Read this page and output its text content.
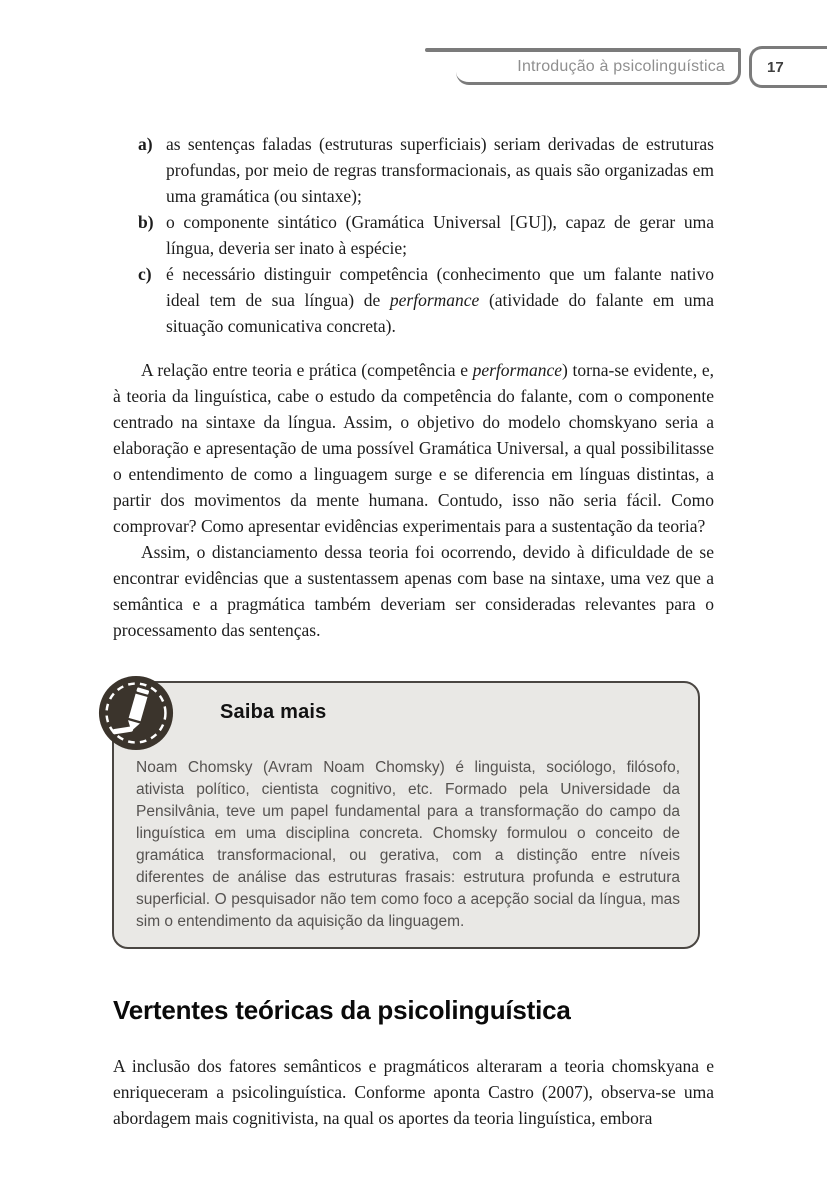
Introdução à psicolinguística	17
a) as sentenças faladas (estruturas superficiais) seriam derivadas de estruturas profundas, por meio de regras transformacionais, as quais são organizadas em uma gramática (ou sintaxe);
b) o componente sintático (Gramática Universal [GU]), capaz de gerar uma língua, deveria ser inato à espécie;
c) é necessário distinguir competência (conhecimento que um falante nativo ideal tem de sua língua) de performance (atividade do falante em uma situação comunicativa concreta).

A relação entre teoria e prática (competência e performance) torna-se evidente, e, à teoria da linguística, cabe o estudo da competência do falante, com o componente centrado na sintaxe da língua. Assim, o objetivo do modelo chomskyano seria a elaboração e apresentação de uma possível Gramática Universal, a qual possibilitasse o entendimento de como a linguagem surge e se diferencia em línguas distintas, a partir dos movimentos da mente humana. Contudo, isso não seria fácil. Como comprovar? Como apresentar evidências experimentais para a sustentação da teoria?

Assim, o distanciamento dessa teoria foi ocorrendo, devido à dificuldade de se encontrar evidências que a sustentassem apenas com base na sintaxe, uma vez que a semântica e a pragmática também deveriam ser consideradas relevantes para o processamento das sentenças.

Saiba mais
Noam Chomsky (Avram Noam Chomsky) é linguista, sociólogo, filósofo, ativista político, cientista cognitivo, etc. Formado pela Universidade da Pensilvânia, teve um papel fundamental para a transformação do campo da linguística em uma disciplina concreta. Chomsky formulou o conceito de gramática transformacional, ou gerativa, com a distinção entre níveis diferentes de análise das estruturas frasais: estrutura profunda e estrutura superficial. O pesquisador não tem como foco a acepção social da língua, mas sim o entendimento da aquisição da linguagem.
Vertentes teóricas da psicolinguística

A inclusão dos fatores semânticos e pragmáticos alteraram a teoria chomskyana e enriqueceram a psicolinguística. Conforme aponta Castro (2007), observa-se uma abordagem mais cognitivista, na qual os aportes da teoria linguística, embora
